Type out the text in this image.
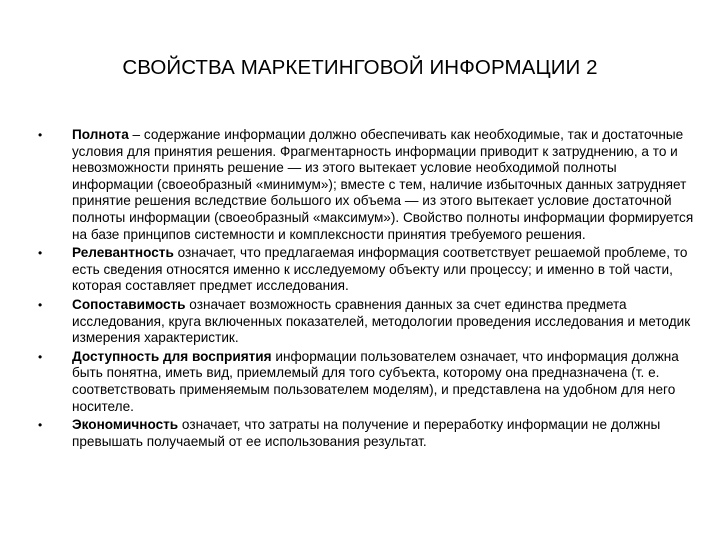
СВОЙСТВА МАРКЕТИНГОВОЙ ИНФОРМАЦИИ 2
•	Полнота – содержание информации должно обеспечивать как необходимые, так и достаточные условия для принятия решения. Фрагментарность информации приводит к затруднению, а то и невозможности принять решение — из этого вытекает условие необходимой полноты информации (своеобразный «минимум»); вместе с тем, наличие избыточных данных затрудняет принятие решения вследствие большого их объема — из этого вытекает условие достаточной полноты информации (своеобразный «максимум»). Свойство полноты информации формируется на базе принципов системности и комплексности принятия требуемого решения.
•	Релевантность означает, что предлагаемая информация соответствует решаемой проблеме, то есть сведения относятся именно к исследуемому объекту или процессу; и именно в той части, которая составляет предмет исследования.
•	Сопоставимость означает возможность сравнения данных за счет единства предмета исследования, круга включенных показателей, методологии проведения исследования и методик измерения характеристик.
•	Доступность для восприятия информации пользователем означает, что информация должна быть понятна, иметь вид, приемлемый для того субъекта, которому она предназначена (т. е. соответствовать применяемым пользователем моделям), и представлена на удобном для него носителе.
•	Экономичность означает, что затраты на получение и переработку информации не должны превышать получаемый от ее использования результат.
